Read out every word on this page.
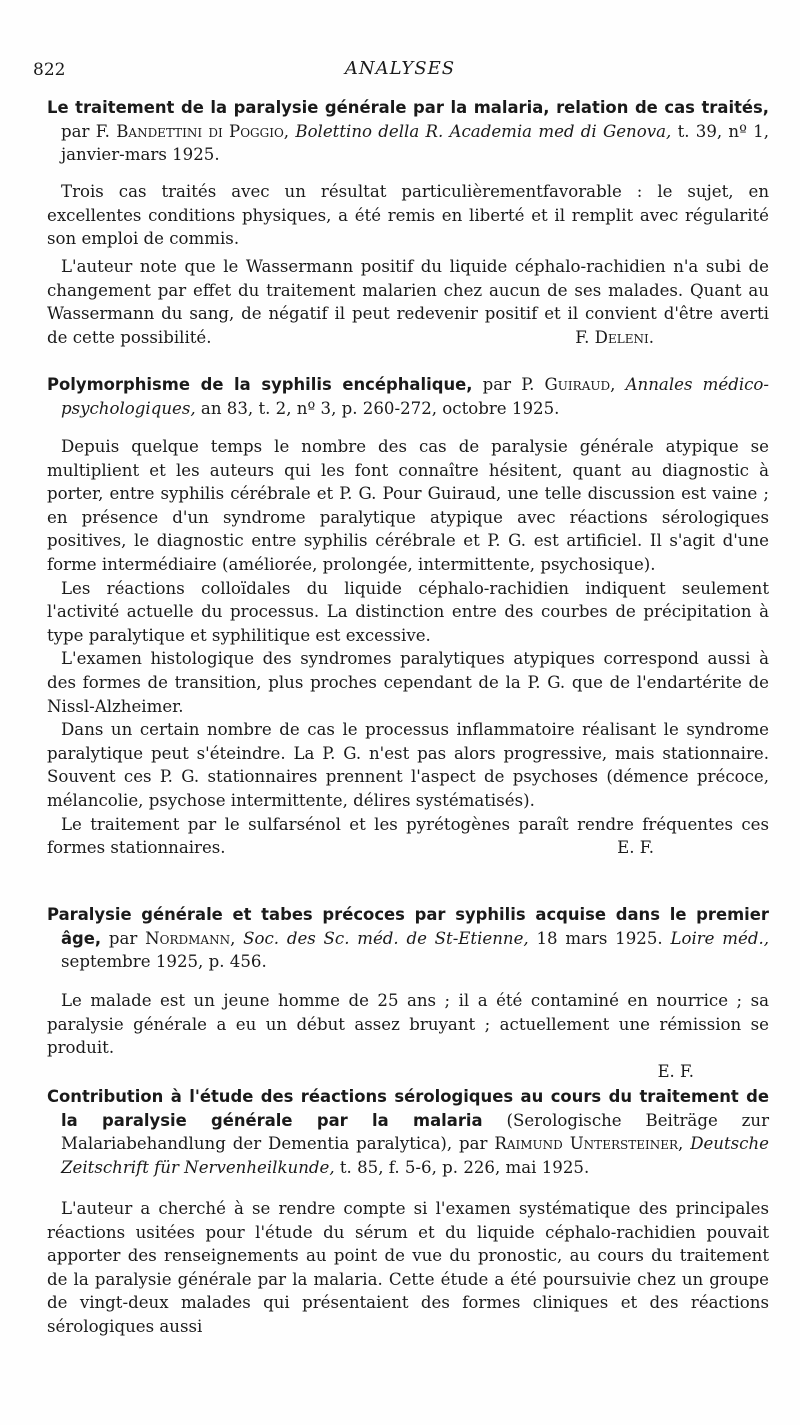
822	ANALYSES
Le traitement de la paralysie générale par la malaria, relation de cas traités, par F. Bandettini di Poggio, Bolettino della R. Academia med di Genova, t. 39, nº 1, janvier-mars 1925.

Trois cas traités avec un résultat particulièrementfavorable : le sujet, en excellentes conditions physiques, a été remis en liberté et il remplit avec régularité son emploi de commis.

L'auteur note que le Wassermann positif du liquide céphalo-rachidien n'a subi de changement par effet du traitement malarien chez aucun de ses malades. Quant au Wassermann du sang, de négatif il peut redevenir positif et il convient d'être averti de cette possibilité.	F. Deleni.

Polymorphisme de la syphilis encéphalique, par P. Guiraud, Annales médico-psychologiques, an 83, t. 2, nº 3, p. 260-272, octobre 1925.

Depuis quelque temps le nombre des cas de paralysie générale atypique se multiplient et les auteurs qui les font connaître hésitent, quant au diagnostic à porter, entre syphilis cérébrale et P. G. Pour Guiraud, une telle discussion est vaine ; en présence d'un syndrome paralytique atypique avec réactions sérologiques positives, le diagnostic entre syphilis cérébrale et P. G. est artificiel. Il s'agit d'une forme intermédiaire (améliorée, prolongée, intermittente, psychosique).

Les réactions colloïdales du liquide céphalo-rachidien indiquent seulement l'activité actuelle du processus. La distinction entre des courbes de précipitation à type paralytique et syphilitique est excessive.

L'examen histologique des syndromes paralytiques atypiques correspond aussi à des formes de transition, plus proches cependant de la P. G. que de l'endartérite de Nissl-Alzheimer.

Dans un certain nombre de cas le processus inflammatoire réalisant le syndrome paralytique peut s'éteindre. La P. G. n'est pas alors progressive, mais stationnaire. Souvent ces P. G. stationnaires prennent l'aspect de psychoses (démence précoce, mélancolie, psychose intermittente, délires systématisés).

Le traitement par le sulfarsénol et les pyrétogènes paraît rendre fréquentes ces formes stationnaires.	E. F.

Paralysie générale et tabes précoces par syphilis acquise dans le premier âge, par Nordmann, Soc. des Sc. méd. de St-Etienne, 18 mars 1925. Loire méd., septembre 1925, p. 456.

Le malade est un jeune homme de 25 ans ; il a été contaminé en nourrice ; sa paralysie générale a eu un début assez bruyant ; actuellement une rémission se produit.

E. F.
Contribution à l'étude des réactions sérologiques au cours du traitement de la paralysie générale par la malaria (Serologische Beiträge zur Malariabehandlung der Dementia paralytica), par Raimund Untersteiner, Deutsche Zeitschrift für Nervenheilkunde, t. 85, f. 5-6, p. 226, mai 1925.

L'auteur a cherché à se rendre compte si l'examen systématique des principales réactions usitées pour l'étude du sérum et du liquide céphalo-rachidien pouvait apporter des renseignements au point de vue du pronostic, au cours du traitement de la paralysie générale par la malaria. Cette étude a été poursuivie chez un groupe de vingt-deux malades qui présentaient des formes cliniques et des réactions sérologiques aussi
